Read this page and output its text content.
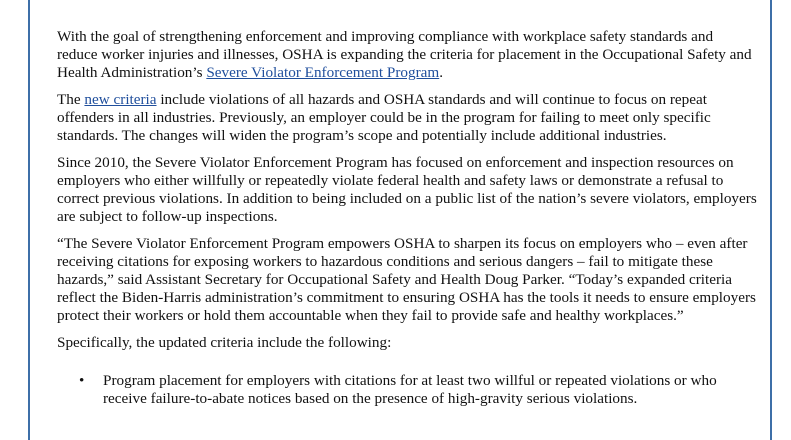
With the goal of strengthening enforcement and improving compliance with workplace safety standards and reduce worker injuries and illnesses, OSHA is expanding the criteria for placement in the Occupational Safety and Health Administration’s Severe Violator Enforcement Program.

The new criteria include violations of all hazards and OSHA standards and will continue to focus on repeat offenders in all industries. Previously, an employer could be in the program for failing to meet only specific standards. The changes will widen the program’s scope and potentially include additional industries.

Since 2010, the Severe Violator Enforcement Program has focused on enforcement and inspection resources on employers who either willfully or repeatedly violate federal health and safety laws or demonstrate a refusal to correct previous violations. In addition to being included on a public list of the nation’s severe violators, employers are subject to follow-up inspections.

“The Severe Violator Enforcement Program empowers OSHA to sharpen its focus on employers who – even after receiving citations for exposing workers to hazardous conditions and serious dangers – fail to mitigate these hazards,” said Assistant Secretary for Occupational Safety and Health Doug Parker. “Today’s expanded criteria reflect the Biden-Harris administration’s commitment to ensuring OSHA has the tools it needs to ensure employers protect their workers or hold them accountable when they fail to provide safe and healthy workplaces.”

Specifically, the updated criteria include the following:

• Program placement for employers with citations for at least two willful or repeated violations or who receive failure-to-abate notices based on the presence of high-gravity serious violations.
